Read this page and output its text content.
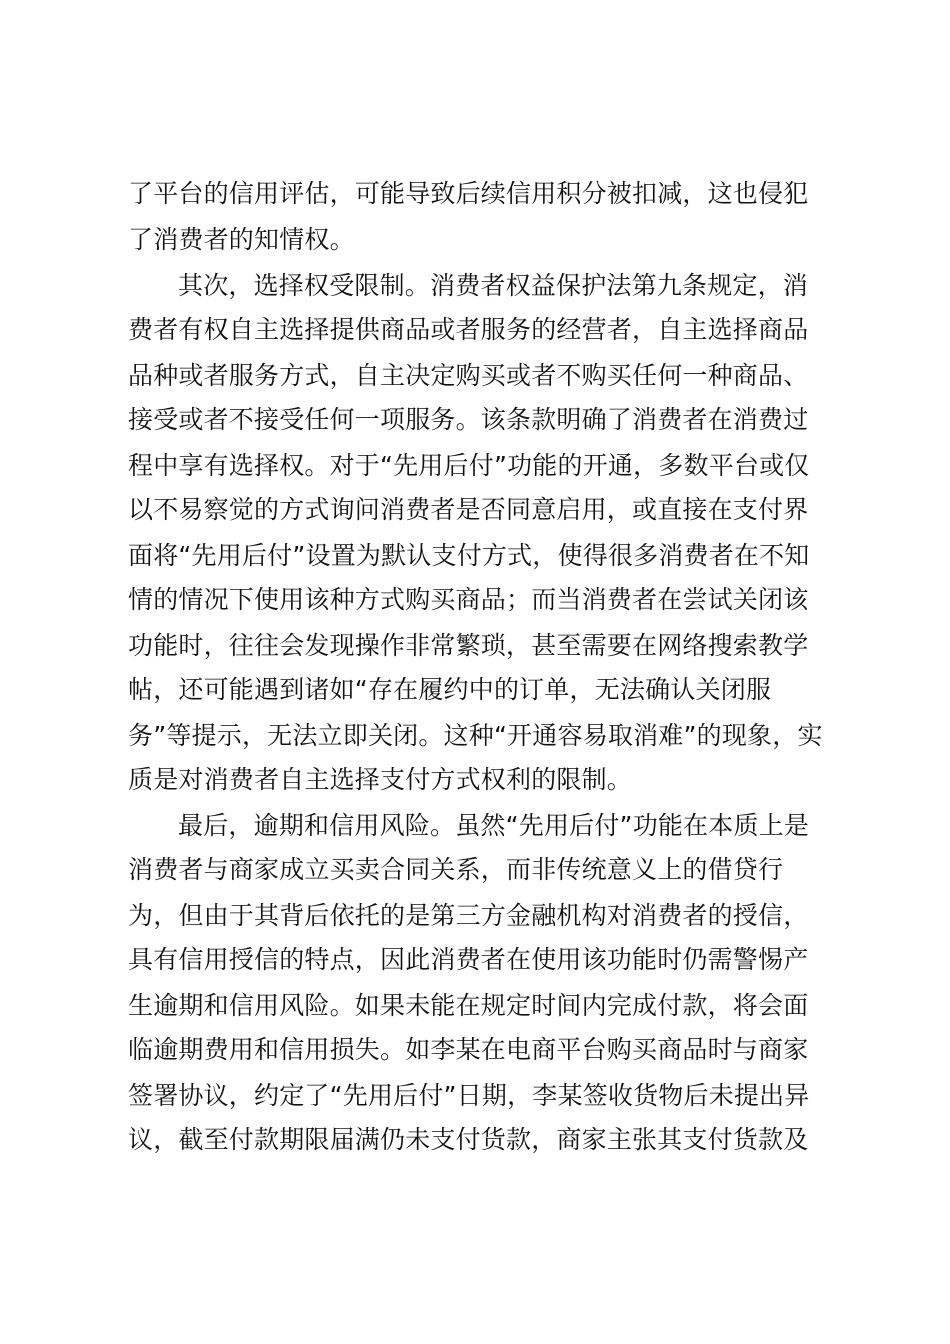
了平台的信用评估，可能导致后续信用积分被扣减，这也侵犯
了消费者的知情权。
其次，选择权受限制。消费者权益保护法第九条规定，消
费者有权自主选择提供商品或者服务的经营者，自主选择商品
品种或者服务方式，自主决定购买或者不购买任何一种商品、
接受或者不接受任何一项服务。该条款明确了消费者在消费过
程中享有选择权。对于“先用后付”功能的开通，多数平台或仅
以不易察觉的方式询问消费者是否同意启用，或直接在支付界
面将“先用后付”设置为默认支付方式，使得很多消费者在不知
情的情况下使用该种方式购买商品；而当消费者在尝试关闭该
功能时，往往会发现操作非常繁琐，甚至需要在网络搜索教学
帖，还可能遇到诸如“存在履约中的订单，无法确认关闭服
务”等提示，无法立即关闭。这种“开通容易取消难”的现象，实
质是对消费者自主选择支付方式权利的限制。
最后，逾期和信用风险。虽然“先用后付”功能在本质上是
消费者与商家成立买卖合同关系，而非传统意义上的借贷行
为，但由于其背后依托的是第三方金融机构对消费者的授信，
具有信用授信的特点，因此消费者在使用该功能时仍需警惕产
生逾期和信用风险。如果未能在规定时间内完成付款，将会面
临逾期费用和信用损失。如李某在电商平台购买商品时与商家
签署协议，约定了“先用后付”日期，李某签收货物后未提出异
议，截至付款期限届满仍未支付货款，商家主张其支付货款及
